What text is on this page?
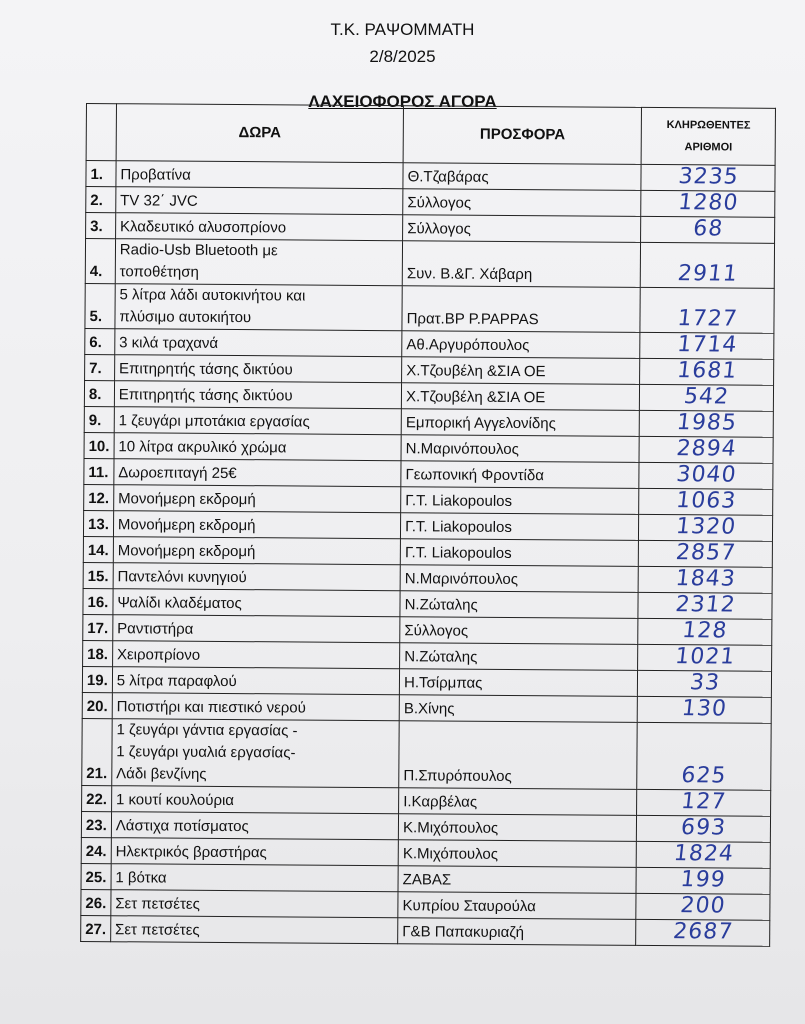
Τ.Κ. ΡΑΨΟΜΜΑΤΗ
2/8/2025
ΛΑΧΕΙΟΦΟΡΟΣ ΑΓΟΡΑ
	ΔΩΡΑ	ΠΡΟΣΦΟΡΑ	ΚΛΗΡΩΘΕΝΤΕΣ
ΑΡΙΘΜΟΙ

1.	Προβατίνα	Θ.Τζαβάρας	3235
2.	TV 32΄ JVC	Σύλλογος	1280
3.	Κλαδευτικό αλυσοπρίονο	Σύλλογος	68
4.	Radio-Usb Bluetooth με
τοποθέτηση	Συν. Β.&Γ. Χάβαρη	2911
5.	5 λίτρα λάδι αυτοκινήτου και
πλύσιμο αυτοκιήτου	Πρατ.ΒΡ Ρ.PAPPAS	1727
6.	3 κιλά τραχανά	Αθ.Αργυρόπουλος	1714
7.	Επιτηρητής τάσης δικτύου	Χ.Τζουβέλη &ΣΙΑ ΟΕ	1681
8.	Επιτηρητής τάσης δικτύου	Χ.Τζουβέλη &ΣΙΑ ΟΕ	542
9.	1 ζευγάρι μποτάκια εργασίας	Εμπορική Αγγελονίδης	1985
10.	10 λίτρα ακρυλικό χρώμα	Ν.Μαρινόπουλος	2894
11.	Δωροεπιταγή 25€	Γεωπονική Φροντίδα	3040
12.	Μονοήμερη εκδρομή	Γ.Τ. Liakopoulos	1063
13.	Μονοήμερη εκδρομή	Γ.Τ. Liakopoulos	1320
14.	Μονοήμερη εκδρομή	Γ.Τ. Liakopoulos	2857
15.	Παντελόνι κυνηγιού	Ν.Μαρινόπουλος	1843
16.	Ψαλίδι κλαδέματος	Ν.Ζώταλης	2312
17.	Ραντιστήρα	Σύλλογος	128
18.	Χειροπρίονο	Ν.Ζώταλης	1021
19.	5 λίτρα παραφλού	Η.Τσίρμπας	33
20.	Ποτιστήρι και πιεστικό νερού	Β.Χίνης	130
21.	1 ζευγάρι γάντια εργασίας -
1 ζευγάρι γυαλιά εργασίας-
Λάδι βενζίνης	Π.Σπυρόπουλος	625
22.	1 κουτί κουλούρια	Ι.Καρβέλας	127
23.	Λάστιχα ποτίσματος	Κ.Μιχόπουλος	693
24.	Ηλεκτρικός βραστήρας	Κ.Μιχόπουλος	1824
25.	1 βότκα	ΖΑΒΑΣ	199
26.	Σετ πετσέτες	Κυπρίου Σταυρούλα	200
27.	Σετ πετσέτες	Γ&Β Παπακυριαζή	2687
